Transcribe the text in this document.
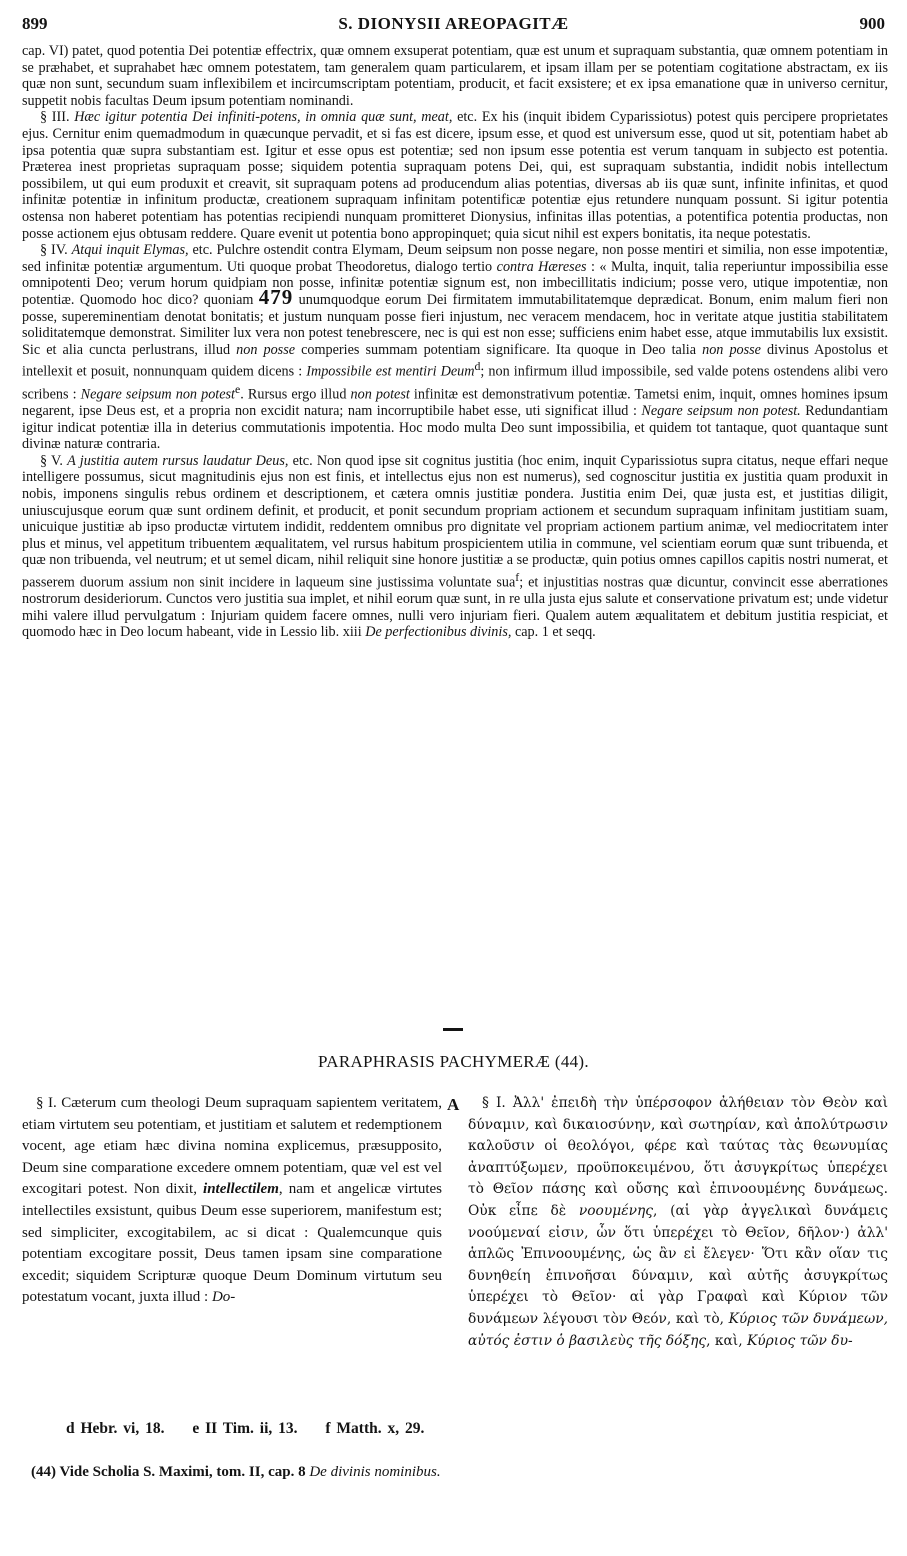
899	S. DIONYSII AREOPAGITÆ	900

cap. VI) patet, quod potentia Dei potentiæ effectrix, quæ omnem exsuperat potentiam, quæ est unum et supraquam substantia, quæ omnem potentiam in se præhabet, et suprahabet hæc omnem potestatem, tam generalem quam particularem, et ipsam illam per se potentiam cogitatione abstractam, ex iis quæ non sunt, secundum suam inflexibilem et incircumscriptam potentiam, producit, et facit exsistere; et ex ipsa emanatione quæ in universo cernitur, suppetit nobis facultas Deum ipsum potentiam nominandi.

§ III. Hæc igitur potentia Dei infiniti-potens, in omnia quæ sunt, meat, etc. Ex his (inquit ibidem Cyparissiotus) potest quis percipere proprietates ejus. Cernitur enim quemadmodum in quæcunque pervadit, et si fas est dicere, ipsum esse, et quod est universum esse, quod ut sit, potentiam habet ab ipsa potentia quæ supra substantiam est. Igitur et esse opus est potentiæ; sed non ipsum esse potentia est verum tanquam in subjecto est potentia. Præterea inest proprietas supraquam posse; siquidem potentia supraquam potens Dei, qui, est supraquam substantia, indidit nobis intellectum possibilem, ut qui eum produxit et creavit, sit supraquam potens ad producendum alias potentias, diversas ab iis quæ sunt, infinite infinitas, et quod infinitæ potentiæ in infinitum productæ, creationem supraquam infinitam potentificæ potentiæ ejus retundere nunquam possunt. Si igitur potentia ostensa non haberet potentiam has potentias recipiendi nunquam promitteret Dionysius, infinitas illas potentias, a potentifica potentia productas, non posse actionem ejus obtusam reddere. Quare evenit ut potentia bono appropinquet; quia sicut nihil est expers bonitatis, ita neque potestatis.

§ IV. Atqui inquit Elymas, etc. Pulchre ostendit contra Elymam, Deum seipsum non posse negare, non posse mentiri et similia, non esse impotentiæ, sed infinitæ potentiæ argumentum. Uti quoque probat Theodoretus, dialogo tertio contra Hæreses : « Multa, inquit, talia reperiuntur impossibilia esse omnipotenti Deo; verum horum quidpiam non posse, infinitæ potentiæ signum est, non imbecillitatis indicium; posse vero, utique impotentiæ, non potentiæ. Quomodo hoc dico? quoniam 479 unumquodque eorum Dei firmitatem immutabilitatemque deprædicat. Bonum, enim malum fieri non posse, supereminentiam denotat bonitatis; et justum nunquam posse fieri injustum, nec veracem mendacem, hoc in veritate atque justitia stabilitatem soliditatemque demonstrat. Similiter lux vera non potest tenebrescere, nec is qui est non esse; sufficiens enim habet esse, atque immutabilis lux exsistit. Sic et alia cuncta perlustrans, illud non posse comperies summam potentiam significare. Ita quoque in Deo talia non posse divinus Apostolus et intellexit et posuit, nonnunquam quidem dicens : Impossibile est mentiri Deum$^d$; non infirmum illud impossibile, sed valde potens ostendens alibi vero scribens : Negare seipsum non potest$^e$. Rursus ergo illud non potest infinitæ est demonstrativum potentiæ. Tametsi enim, inquit, omnes homines ipsum negarent, ipse Deus est, et a propria non excidit natura; nam incorruptibile habet esse, uti significat illud : Negare seipsum non potest. Redundantiam igitur indicat potentiæ illa in deterius commutationis impotentia. Hoc modo multa Deo sunt impossibilia, et quidem tot tantaque, quot quantaque sunt divinæ naturæ contraria.

§ V. A justitia autem rursus laudatur Deus, etc. Non quod ipse sit cognitus justitia (hoc enim, inquit Cyparissiotus supra citatus, neque effari neque intelligere possumus, sicut magnitudinis ejus non est finis, et intellectus ejus non est numerus), sed cognoscitur justitia ex justitia quam produxit in nobis, imponens singulis rebus ordinem et descriptionem, et cætera omnis justitiæ pondera. Justitia enim Dei, quæ justa est, et justitias diligit, uniuscujusque eorum quæ sunt ordinem definit, et producit, et ponit secundum propriam actionem et secundum supraquam infinitam justitiam suam, unicuique justitiæ ab ipso productæ virtutem indidit, reddentem omnibus pro dignitate vel propriam actionem partium animæ, vel mediocritatem inter plus et minus, vel appetitum tribuentem æqualitatem, vel rursus habitum prospicientem utilia in commune, vel scientiam eorum quæ sunt tribuenda, et quæ non tribuenda, vel neutrum; et ut semel dicam, nihil reliquit sine honore justitiæ a se productæ, quin potius omnes capillos capitis nostri numerat, et passerem duorum assium non sinit incidere in laqueum sine justissima voluntate sua$^f$; et injustitias nostras quæ dicuntur, convincit esse aberrationes nostrorum desideriorum. Cunctos vero justitia sua implet, et nihil eorum quæ sunt, in re ulla justa ejus salute et conservatione privatum est; unde videtur mihi valere illud pervulgatum : Injuriam quidem facere omnes, nulli vero injuriam fieri. Qualem autem æqualitatem et debitum justitia respiciat, et quomodo hæc in Deo locum habeant, vide in Lessio lib. xiii De perfectionibus divinis, cap. 1 et seqq.

PARAPHRASIS PACHYMERÆ (44).

§ I. Cæterum cum theologi Deum supraquam sapientem veritatem, etiam virtutem seu potentiam, et justitiam et salutem et redemptionem vocent, age etiam hæc divina nomina explicemus, præsupposito, Deum sine comparatione excedere omnem potentiam, quæ vel est vel excogitari potest. Non dixit, intellectilem, nam et angelicæ virtutes intellectiles exsistunt, quibus Deum esse superiorem, manifestum est; sed simpliciter, excogitabilem, ac si dicat : Qualemcunque quis potentiam excogitare possit, Deus tamen ipsam sine comparatione excedit; siquidem Scripturæ quoque Deum Dominum virtutum seu potestatum vocant, juxta illud : Do-

A	§ I. Ἀλλ' ἐπειδὴ τὴν ὑπέρσοφον ἀλήθειαν τὸν Θεὸν καὶ δύναμιν, καὶ δικαιοσύνην, καὶ σωτηρίαν, καὶ ἀπολύτρωσιν καλοῦσιν οἱ θεολόγοι, φέρε καὶ ταύτας τὰς θεωνυμίας ἀναπτύξωμεν, προϋποκειμένου, ὅτι ἀσυγκρίτως ὑπερέχει τὸ Θεῖον πάσης καὶ οὔσης καὶ ἐπινοουμένης δυνάμεως. Οὐκ εἶπε δὲ νοουμένης, (αἱ γὰρ ἀγγελικαὶ δυνάμεις νοούμεναί εἰσιν, ὧν ὅτι ὑπερέχει τὸ Θεῖον, δῆλον·) ἀλλ' ἁπλῶς Ἐπινοουμένης, ὡς ἂν εἰ ἔλεγεν· Ὅτι κἂν οἵαν τις δυνηθείη ἐπινοῆσαι δύναμιν, καὶ αὐτῆς ἀσυγκρίτως ὑπερέχει τὸ Θεῖον· αἱ γὰρ Γραφαὶ καὶ Κύριον τῶν δυνάμεων λέγουσι τὸν Θεόν, καὶ τὸ, Κύριος τῶν δυνάμεων, αὐτός ἐστιν ὁ βασιλεὺς τῆς δόξης, καὶ, Κύριος τῶν δυ-

d Hebr. vi, 18. e II Tim. ii, 13. f Matth. x, 29.
(44) Vide Scholia S. Maximi, tom. II, cap. 8 De divinis nominibus.
